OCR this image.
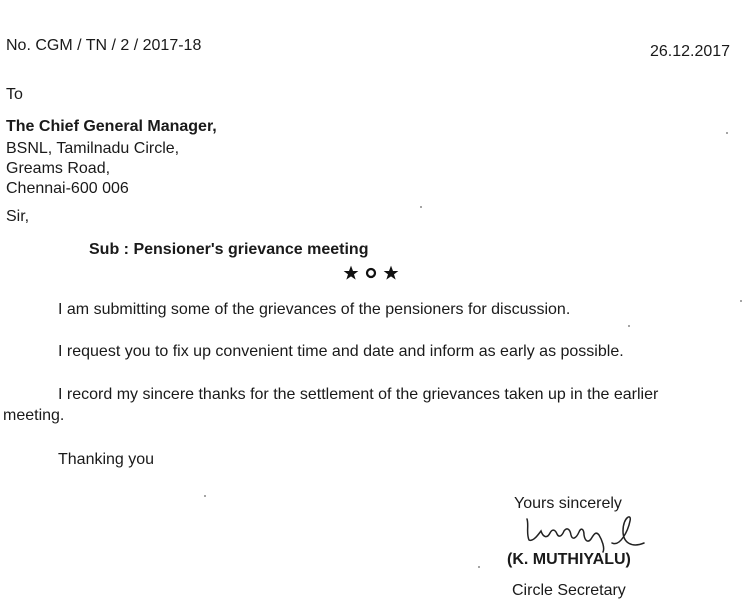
No. CGM / TN / 2 / 2017-18	26.12.2017
To
The Chief General Manager,
BSNL, Tamilnadu Circle,
Greams Road,
Chennai-600 006
Sir,
Sub : Pensioner's grievance meeting
I am submitting some of the grievances of the pensioners for discussion.
I request you to fix up convenient time and date and inform as early as possible.
I record my sincere thanks for the settlement of the grievances taken up in the earlier
meeting.
Thanking you
Yours sincerely
(K. MUTHIYALU)
Circle Secretary
